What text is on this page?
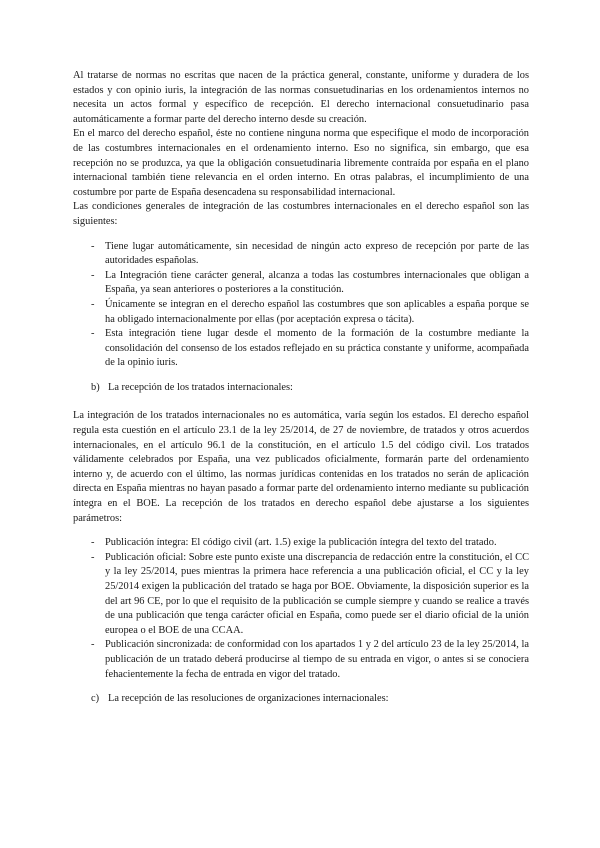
Al tratarse de normas no escritas que nacen de la práctica general, constante, uniforme y duradera de los estados y con opinio iuris, la integración de las normas consuetudinarias en los ordenamientos internos no necesita un actos formal y específico de recepción. El derecho internacional consuetudinario pasa automáticamente a formar parte del derecho interno desde su creación.

En el marco del derecho español, éste no contiene ninguna norma que especifique el modo de incorporación de las costumbres internacionales en el ordenamiento interno. Eso no significa, sin embargo, que esa recepción no se produzca, ya que la obligación consuetudinaria libremente contraída por españa en el plano internacional también tiene relevancia en el orden interno. En otras palabras, el incumplimiento de una costumbre por parte de España desencadena su responsabilidad internacional.

Las condiciones generales de integración de las costumbres internacionales en el derecho español son las siguientes:

- Tiene lugar automáticamente, sin necesidad de ningún acto expreso de recepción por parte de las autoridades españolas.
- La Integración tiene carácter general, alcanza a todas las costumbres internacionales que obligan a España, ya sean anteriores o posteriores a la constitución.
- Únicamente se integran en el derecho español las costumbres que son aplicables a españa porque se ha obligado internacionalmente por ellas (por aceptación expresa o tácita).
- Esta integración tiene lugar desde el momento de la formación de la costumbre mediante la consolidación del consenso de los estados reflejado en su práctica constante y uniforme, acompañada de la opinio iuris.
b) La recepción de los tratados internacionales:

La integración de los tratados internacionales no es automática, varía según los estados. El derecho español regula esta cuestión en el artículo 23.1 de la ley 25/2014, de 27 de noviembre, de tratados y otros acuerdos internacionales, en el artículo 96.1 de la constitución, en el artículo 1.5 del código civil. Los tratados válidamente celebrados por España, una vez publicados oficialmente, formarán parte del ordenamiento interno y, de acuerdo con el último, las normas jurídicas contenidas en los tratados no serán de aplicación directa en España mientras no hayan pasado a formar parte del ordenamiento interno mediante su publicación íntegra en el BOE. La recepción de los tratados en derecho español debe ajustarse a los siguientes parámetros:

- Publicación íntegra: El código civil (art. 1.5) exige la publicación íntegra del texto del tratado.
- Publicación oficial: Sobre este punto existe una discrepancia de redacción entre la constitución, el CC y la ley 25/2014, pues mientras la primera hace referencia a una publicación oficial, el CC y la ley 25/2014 exigen la publicación del tratado se haga por BOE. Obviamente, la disposición superior es la del art 96 CE, por lo que el requisito de la publicación se cumple siempre y cuando se realice a través de una publicación que tenga carácter oficial en España, como puede ser el diario oficial de la unión europea o el BOE de una CCAA.
- Publicación sincronizada: de conformidad con los apartados 1 y 2 del artículo 23 de la ley 25/2014, la publicación de un tratado deberá producirse al tiempo de su entrada en vigor, o antes si se conociera fehacientemente la fecha de entrada en vigor del tratado.
c) La recepción de las resoluciones de organizaciones internacionales:
